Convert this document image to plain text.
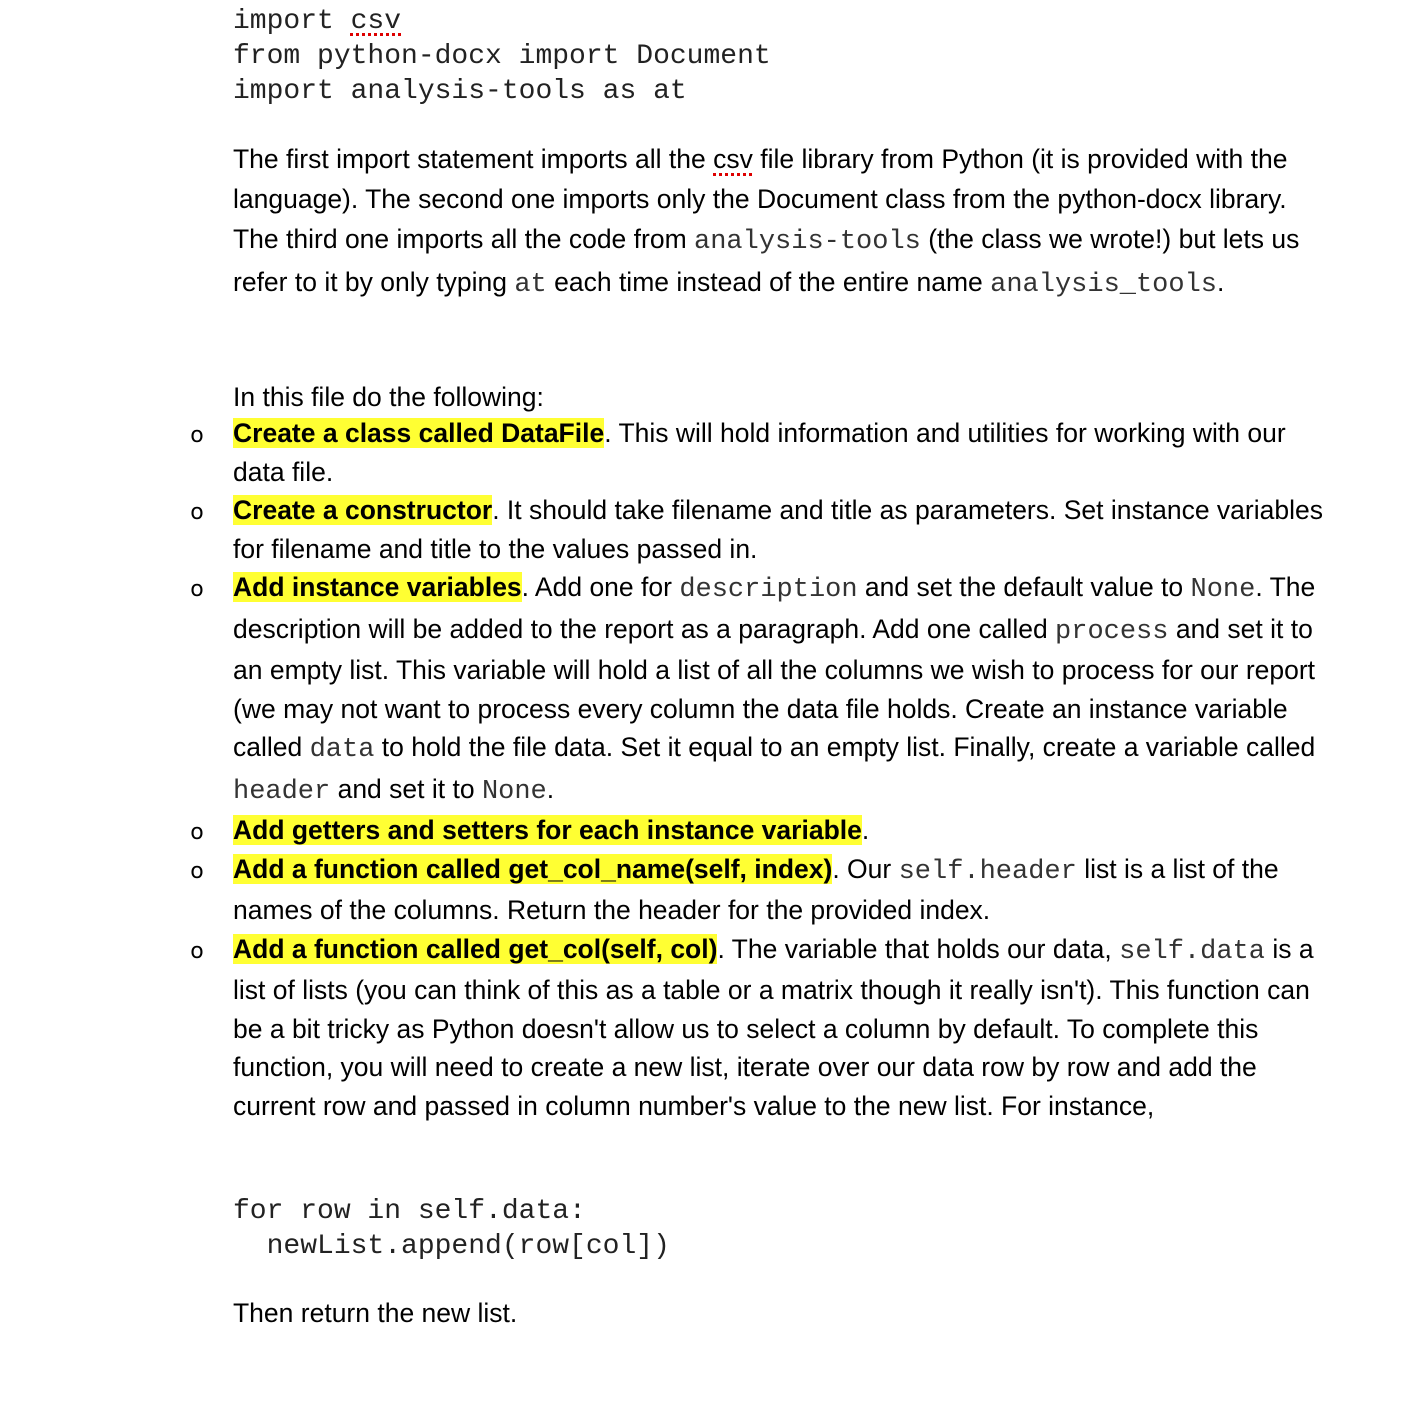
import csv
from python-docx import Document
import analysis-tools as at
The first import statement imports all the csv file library from Python (it is provided with the language). The second one imports only the Document class from the python-docx library. The third one imports all the code from analysis-tools (the class we wrote!) but lets us refer to it by only typing at each time instead of the entire name analysis_tools.
In this file do the following:
o Create a class called DataFile. This will hold information and utilities for working with our data file.
o Create a constructor. It should take filename and title as parameters. Set instance variables for filename and title to the values passed in.
o Add instance variables. Add one for description and set the default value to None. The description will be added to the report as a paragraph. Add one called process and set it to an empty list. This variable will hold a list of all the columns we wish to process for our report (we may not want to process every column the data file holds. Create an instance variable called data to hold the file data. Set it equal to an empty list. Finally, create a variable called header and set it to None.
o Add getters and setters for each instance variable.
o Add a function called get_col_name(self, index). Our self.header list is a list of the names of the columns. Return the header for the provided index.
o Add a function called get_col(self, col). The variable that holds our data, self.data is a list of lists (you can think of this as a table or a matrix though it really isn't). This function can be a bit tricky as Python doesn't allow us to select a column by default. To complete this function, you will need to create a new list, iterate over our data row by row and add the current row and passed in column number's value to the new list. For instance,
for row in self.data:
newList.append(row[col])
Then return the new list.
